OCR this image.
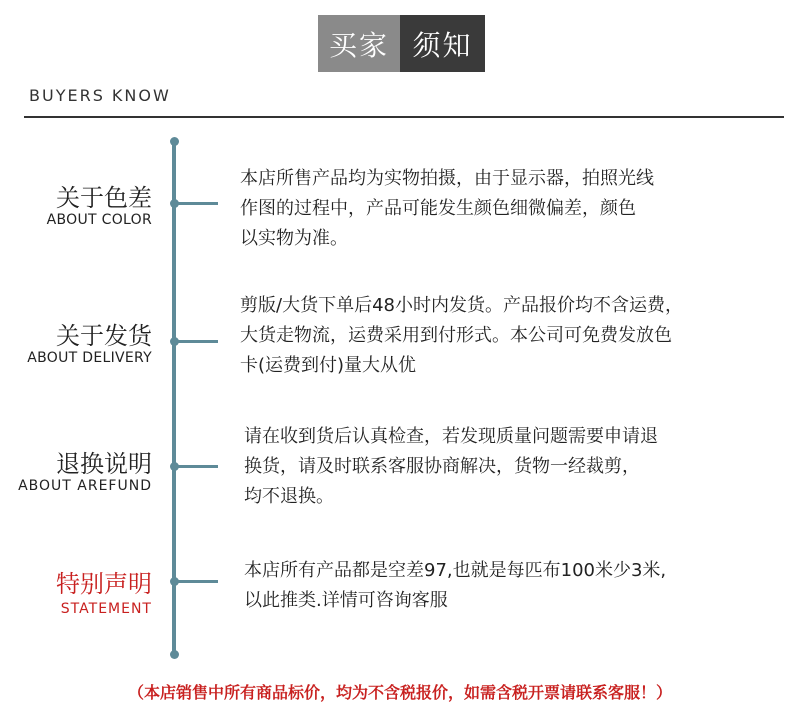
买家 须知
BUYERS KNOW
关于色差
ABOUT COLOR
本店所售产品均为实物拍摄，由于显示器，拍照光线
作图的过程中，产品可能发生颜色细微偏差，颜色
以实物为准。
关于发货
ABOUT DELIVERY
剪版/大货下单后48小时内发货。产品报价均不含运费，
大货走物流，运费采用到付形式。本公司可免费发放色
卡(运费到付)量大从优
退换说明
ABOUT AREFUND
请在收到货后认真检查，若发现质量问题需要申请退
换货，请及时联系客服协商解决，货物一经裁剪，
均不退换。
特别声明
STATEMENT
本店所有产品都是空差97,也就是每匹布100米少3米,
以此推类.详情可咨询客服
（本店销售中所有商品标价，均为不含税报价，如需含税开票请联系客服！）
